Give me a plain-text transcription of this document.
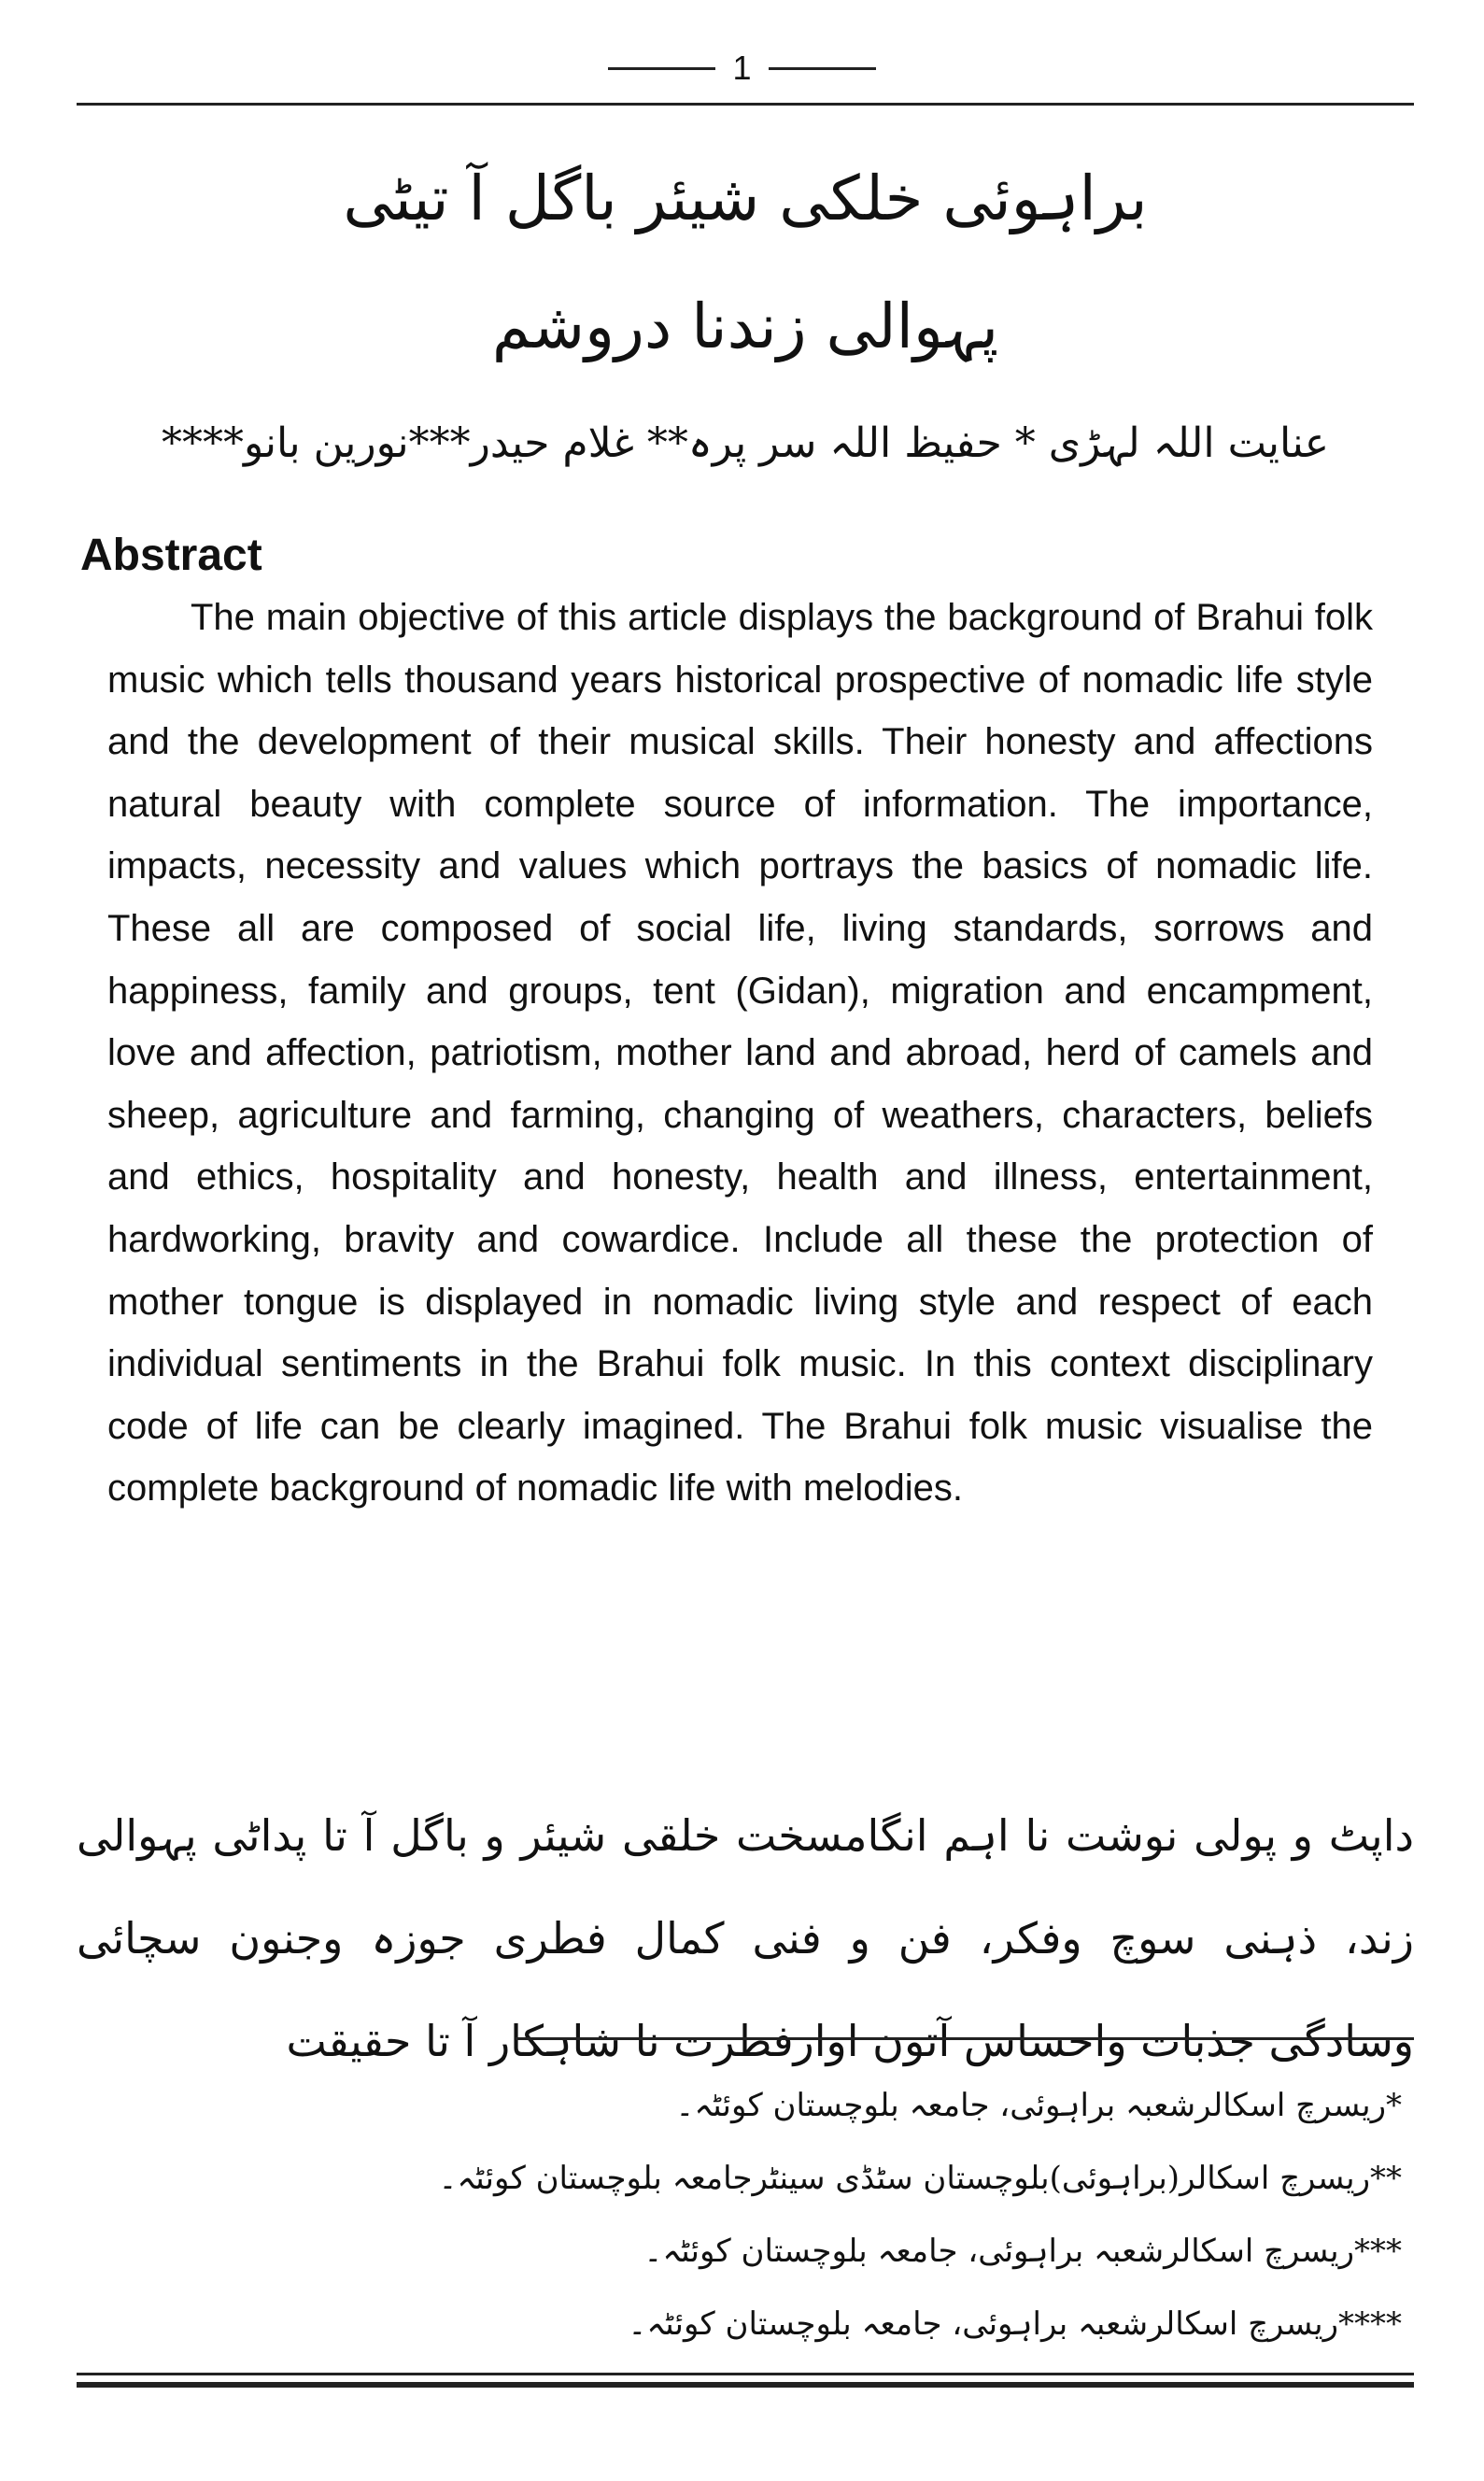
1
براہوئی خلکی شیئر باگل آ تیٹی
پہوالی زندنا دروشم
عنایت اللہ لہڑی * حفیظ اللہ سر پرہ** غلام حیدر***نورین بانو****
Abstract

The main objective of this article displays the background of Brahui folk music which tells thousand years historical prospective of nomadic life style and the development of their musical skills. Their honesty and affections natural beauty with complete source of information. The importance, impacts, necessity and values which portrays the basics of nomadic life. These all are composed of social life, living standards, sorrows and happiness, family and groups, tent (Gidan), migration and encampment, love and affection, patriotism, mother land and abroad, herd of camels and sheep, agriculture and farming, changing of weathers, characters, beliefs and ethics, hospitality and honesty, health and illness, entertainment, hardworking, bravity and cowardice. Include all these the protection of mother tongue is displayed in nomadic living style and respect of each individual sentiments in the Brahui folk music. In this context disciplinary code of life can be clearly imagined. The Brahui folk music visualise the complete background of nomadic life with melodies.

داپٹ و پولی نوشت نا اہم انگامسخت خلقی شیئر و باگل آ تا پداٹی پہوالی زند، ذہنی سوچ وفکر، فن و فنی کمال فطری جوزہ وجنون سچائی وسادگی جذبات واحساس آتون اوارفطرت نا شاہکار آ تا حقیقت

*ریسرچ اسکالرشعبہ براہوئی، جامعہ بلوچستان کوئٹہ۔
**ریسرچ اسکالر(براہوئی)بلوچستان سٹڈی سینٹرجامعہ بلوچستان کوئٹہ۔
***ریسرچ اسکالرشعبہ براہوئی، جامعہ بلوچستان کوئٹہ۔
****ریسرچ اسکالرشعبہ براہوئی، جامعہ بلوچستان کوئٹہ۔
